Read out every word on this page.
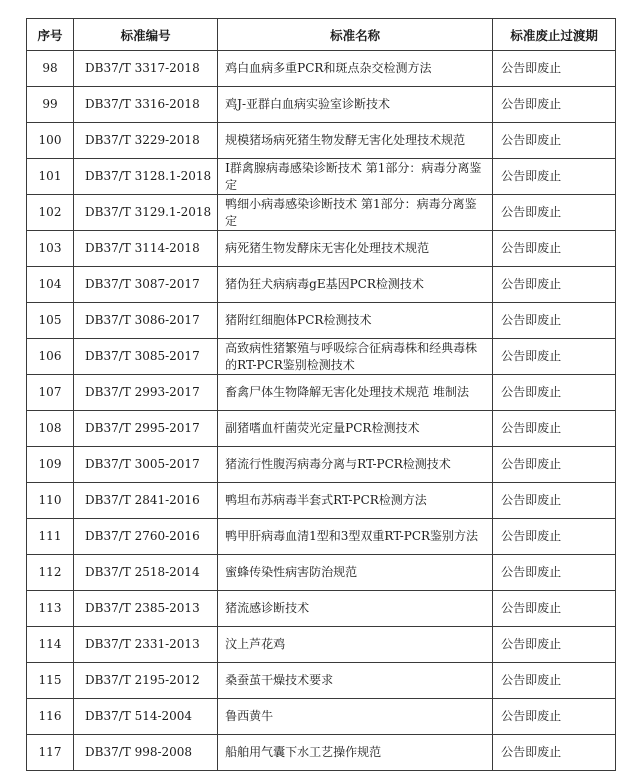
序号	标准编号	标准名称	标准废止过渡期
98	DB37/T 3317-2018	鸡白血病多重PCR和斑点杂交检测方法	公告即废止
99	DB37/T 3316-2018	鸡J-亚群白血病实验室诊断技术	公告即废止
100	DB37/T 3229-2018	规模猪场病死猪生物发酵无害化处理技术规范	公告即废止
101	DB37/T 3128.1-2018	I群禽腺病毒感染诊断技术 第1部分：病毒分离鉴定	公告即废止
102	DB37/T 3129.1-2018	鸭细小病毒感染诊断技术 第1部分：病毒分离鉴定	公告即废止
103	DB37/T 3114-2018	病死猪生物发酵床无害化处理技术规范	公告即废止
104	DB37/T 3087-2017	猪伪狂犬病病毒gE基因PCR检测技术	公告即废止
105	DB37/T 3086-2017	猪附红细胞体PCR检测技术	公告即废止
106	DB37/T 3085-2017	高致病性猪繁殖与呼吸综合征病毒株和经典毒株的RT-PCR鉴别检测技术	公告即废止
107	DB37/T 2993-2017	畜禽尸体生物降解无害化处理技术规范 堆制法	公告即废止
108	DB37/T 2995-2017	副猪嗜血杆菌荧光定量PCR检测技术	公告即废止
109	DB37/T 3005-2017	猪流行性腹泻病毒分离与RT-PCR检测技术	公告即废止
110	DB37/T 2841-2016	鸭坦布苏病毒半套式RT-PCR检测方法	公告即废止
111	DB37/T 2760-2016	鸭甲肝病毒血清1型和3型双重RT-PCR鉴别方法	公告即废止
112	DB37/T 2518-2014	蜜蜂传染性病害防治规范	公告即废止
113	DB37/T 2385-2013	猪流感诊断技术	公告即废止
114	DB37/T 2331-2013	汶上芦花鸡	公告即废止
115	DB37/T 2195-2012	桑蚕茧干燥技术要求	公告即废止
116	DB37/T 514-2004	鲁西黄牛	公告即废止
117	DB37/T 998-2008	船舶用气囊下水工艺操作规范	公告即废止
